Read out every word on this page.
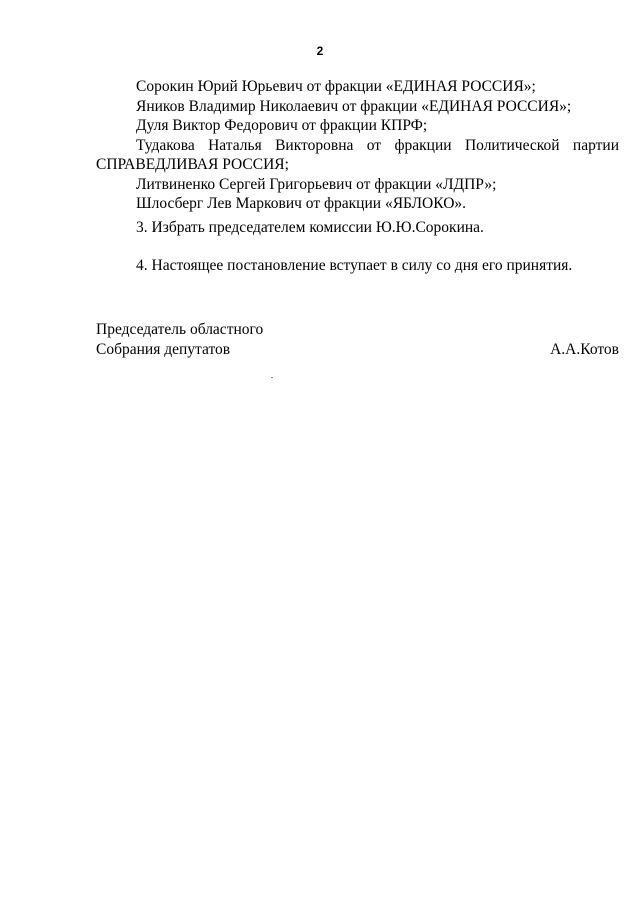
2

Сорокин Юрий Юрьевич от фракции «ЕДИНАЯ РОССИЯ»;

Яников Владимир Николаевич от фракции «ЕДИНАЯ РОССИЯ»;

Дуля Виктор Федорович от фракции КПРФ;

Тудакова Наталья Викторовна от фракции Политической партии СПРАВЕДЛИВАЯ РОССИЯ;

Литвиненко Сергей Григорьевич от фракции «ЛДПР»;

Шлосберг Лев Маркович от фракции «ЯБЛОКО».

3. Избрать председателем комиссии Ю.Ю.Сорокина.

4. Настоящее постановление вступает в силу со дня его принятия.

Председатель областного

Собрания депутатов	А.А.Котов
